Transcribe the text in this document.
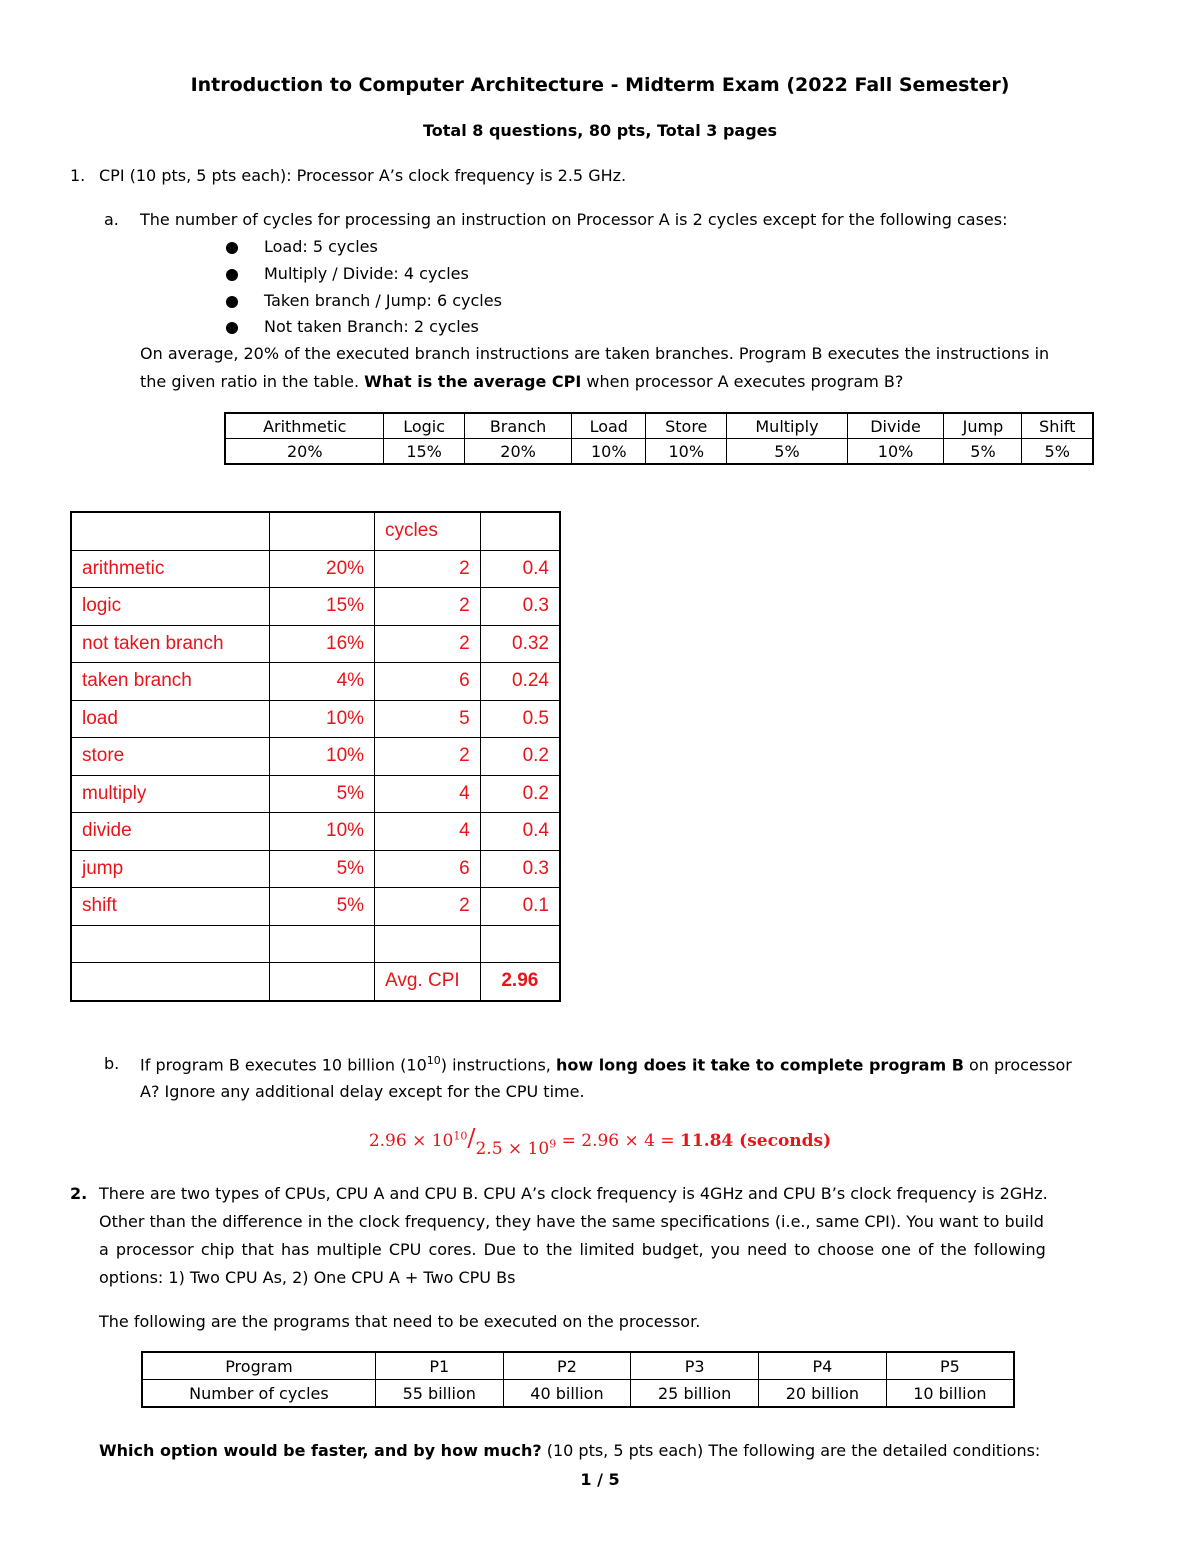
Introduction to Computer Architecture - Midterm Exam (2022 Fall Semester)
Total 8 questions, 80 pts, Total 3 pages
1. CPI (10 pts, 5 pts each): Processor A’s clock frequency is 2.5 GHz.
a. The number of cycles for processing an instruction on Processor A is 2 cycles except for the following cases:
Load: 5 cycles
Multiply / Divide: 4 cycles
Taken branch / Jump: 6 cycles
Not taken Branch: 2 cycles
On average, 20% of the executed branch instructions are taken branches. Program B executes the instructions in
the given ratio in the table. What is the average CPI when processor A executes program B?
Arithmetic	Logic	Branch	Load	Store	Multiply	Divide	Jump	Shift
20%	15%	20%	10%	10%	5%	10%	5%	5%
		cycles	
arithmetic	20%	2	0.4
logic	15%	2	0.3
not taken branch	16%	2	0.32
taken branch	4%	6	0.24
load	10%	5	0.5
store	10%	2	0.2
multiply	5%	4	0.2
divide	10%	4	0.4
jump	5%	6	0.3
shift	5%	2	0.1

		Avg. CPI	2.96
b. If program B executes 10 billion $(10^{10})$ instructions, how long does it take to complete program B on processor
A? Ignore any additional delay except for the CPU time.
$2.96 \times 10^{10}/2.5 \times 10^9 = 2.96 \times 4 = 11.84$ (seconds)
2. There are two types of CPUs, CPU A and CPU B. CPU A’s clock frequency is 4GHz and CPU B’s clock frequency is 2GHz.
Other than the difference in the clock frequency, they have the same specifications (i.e., same CPI). You want to build
a processor chip that has multiple CPU cores. Due to the limited budget, you need to choose one of the following
options: 1) Two CPU As, 2) One CPU A + Two CPU Bs
The following are the programs that need to be executed on the processor.
Program	P1	P2	P3	P4	P5
Number of cycles	55 billion	40 billion	25 billion	20 billion	10 billion
Which option would be faster, and by how much? (10 pts, 5 pts each) The following are the detailed conditions:
1 / 5
